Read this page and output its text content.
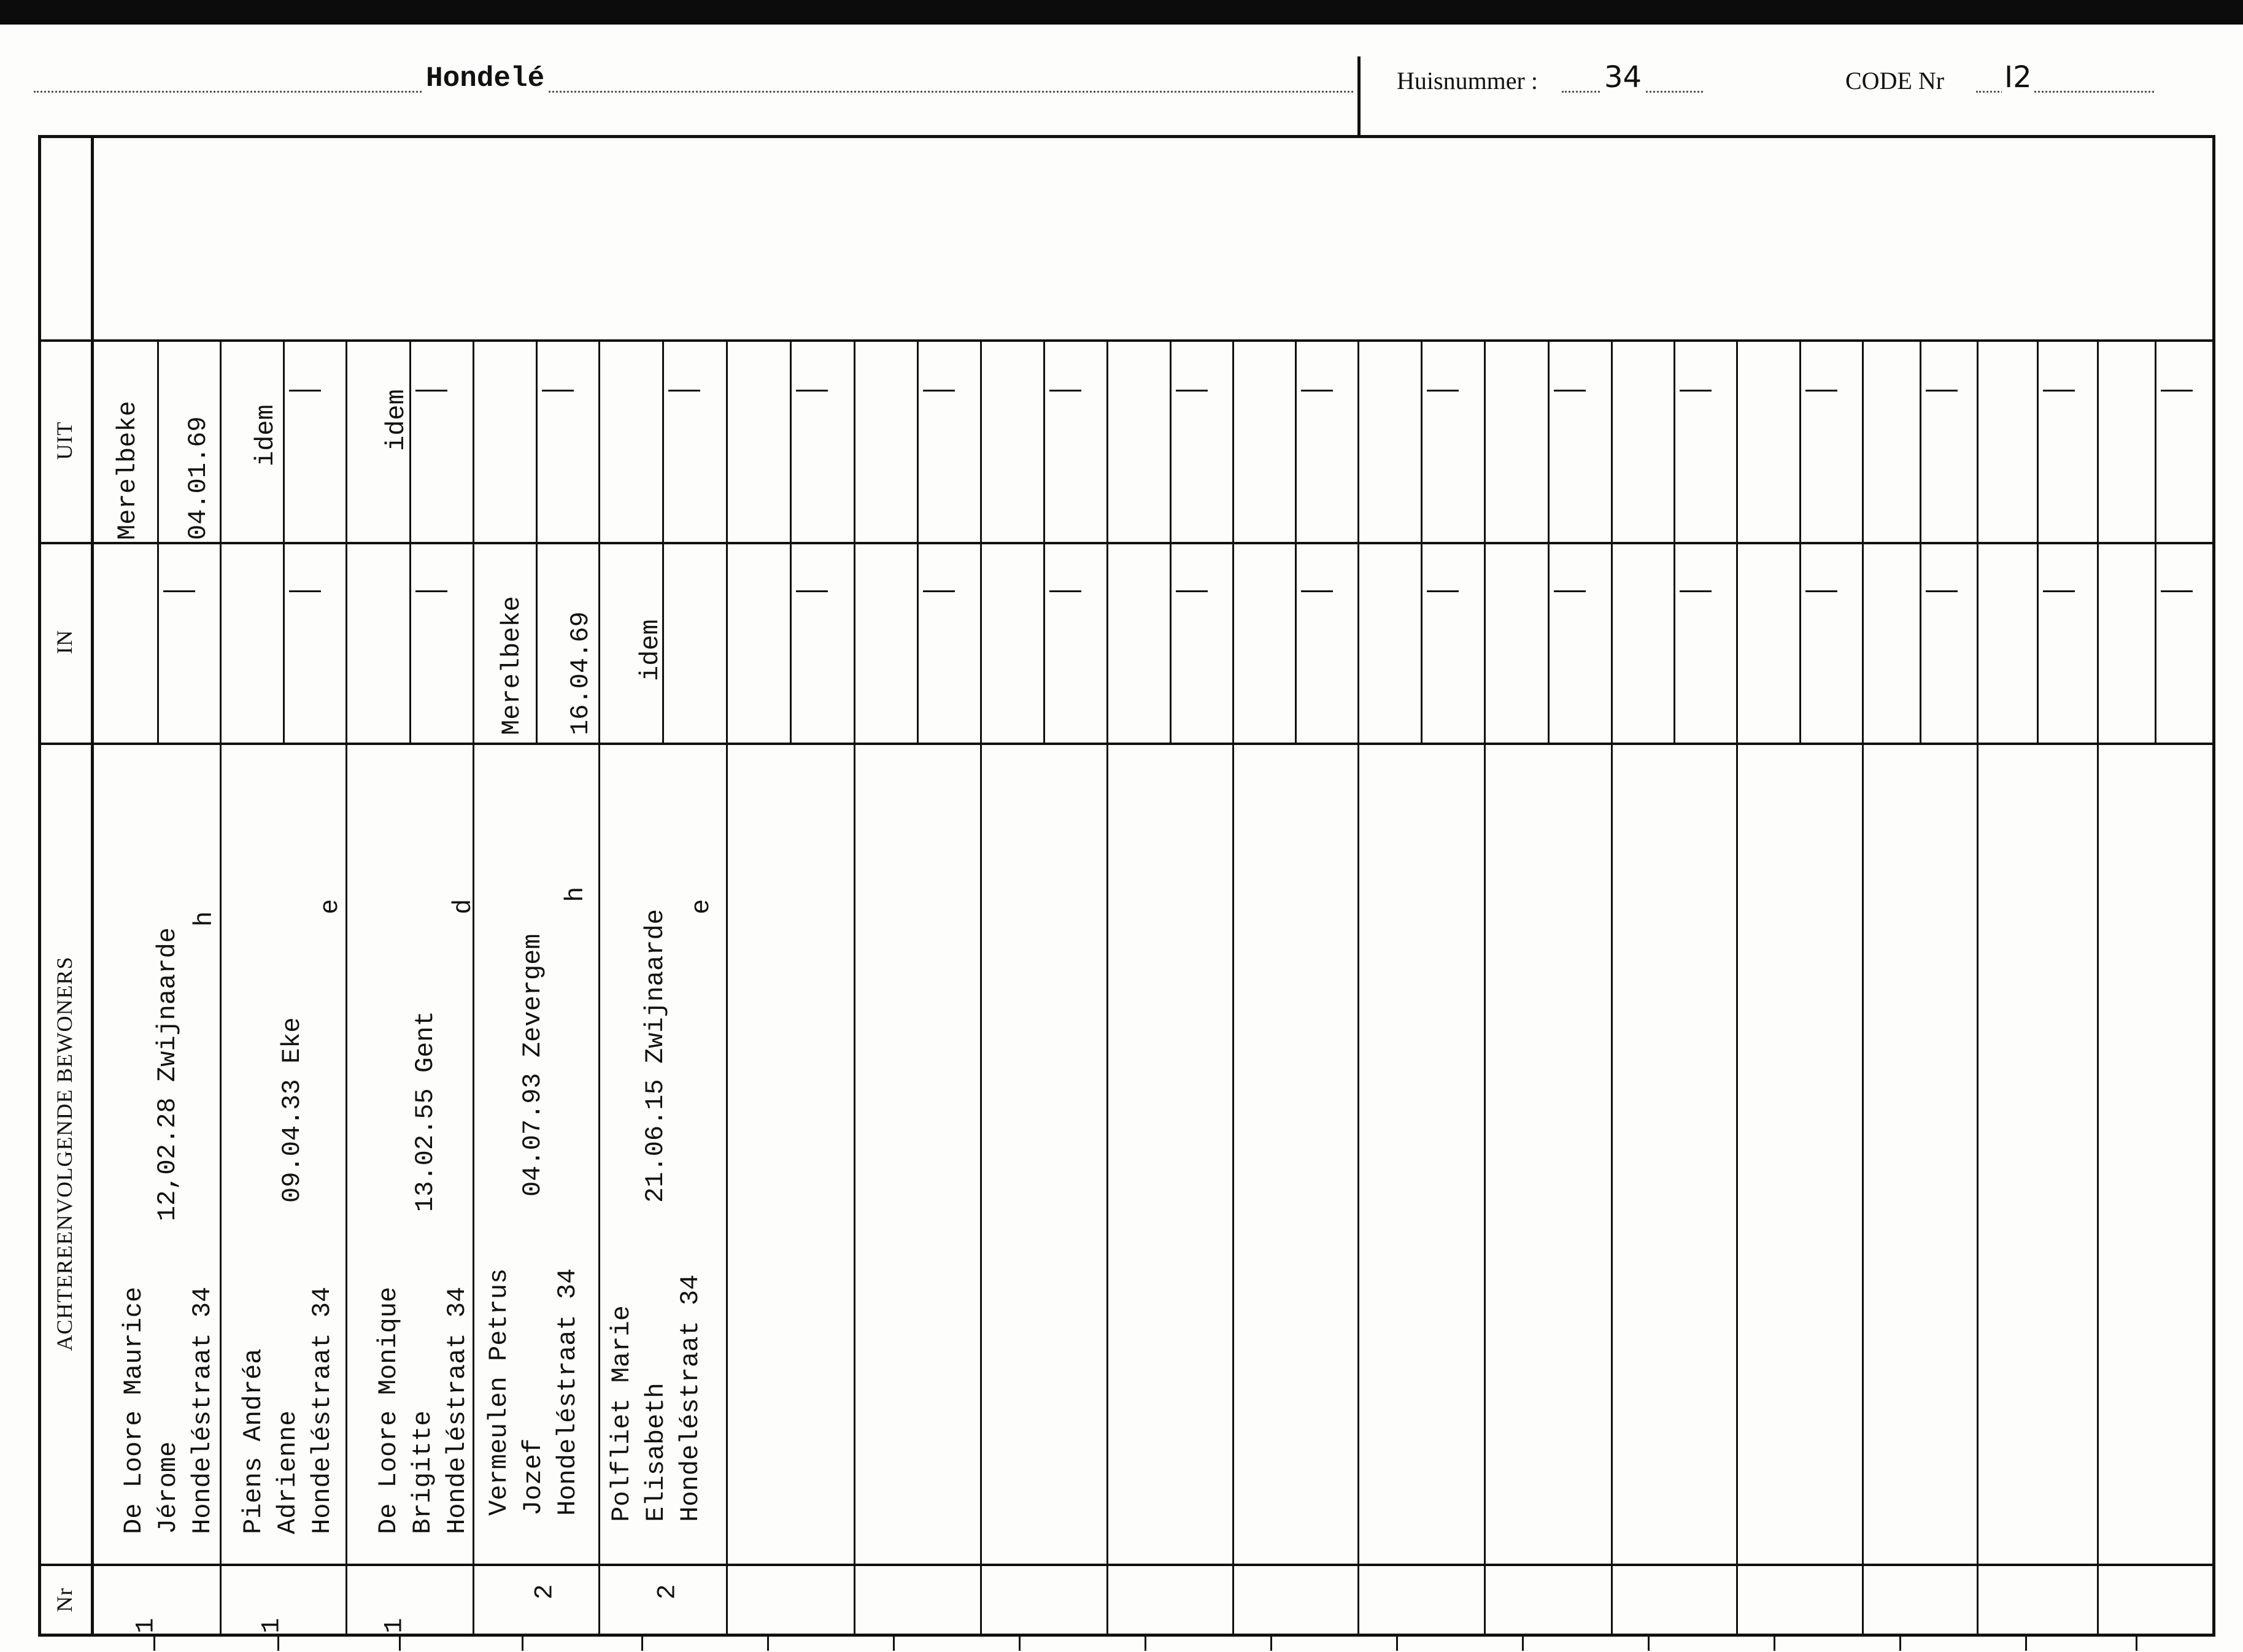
Hondelé	Huisnummer : 34	CODE Nr I2
UIT
IN
ACHTEREENVOLGENDE BEWONERS
Nr
De Loore Maurice Jérome Hondeléstraat 34
12,02.28 Zwijnaarde
h
Merelbeke 04.01.69
1
Piens Andréa Adrienne Hondeléstraat 34
09.04.33 Eke
e
idem
1
De Loore Monique Brigitte Hondeléstraat 34
13.02.55 Gent
d
idem
1
Vermeulen Petrus Jozef Hondeléstraat 34
04.07.93 Zevergem
h
Merelbeke 16.04.69
2
Polfliet Marie Elisabeth Hondeléstraat 34
21.06.15 Zwijnaarde
e
idem
2
